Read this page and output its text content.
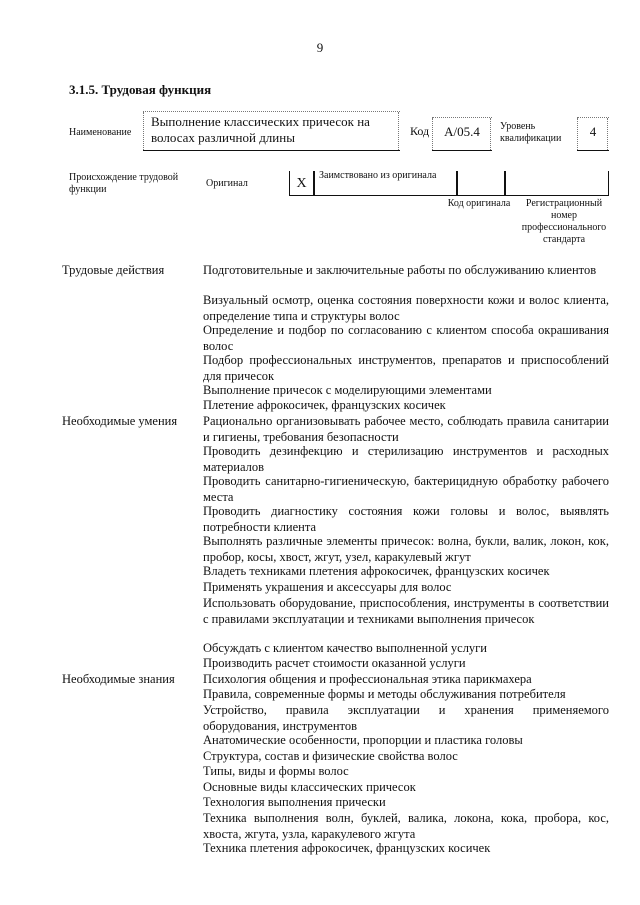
9
3.1.5. Трудовая функция
Наименование
Выполнение классических причесок на волосах различной длины	Код	А/05.4	Уровень квалификации	4
Происхождение трудовой функции
Оригинал	X
Заимствовано из оригинала
Код оригинала	Регистрационный номер профессионального стандарта
Трудовые действия	Подготовительные и заключительные работы по обслуживанию клиентов
Визуальный осмотр, оценка состояния поверхности кожи и волос клиента, определение типа и структуры волос
Определение и подбор по согласованию с клиентом способа окрашивания волос
Подбор профессиональных инструментов, препаратов и приспособлений для причесок
Выполнение причесок с моделирующими элементами
Плетение афрокосичек, французских косичек
Необходимые умения	Рационально организовывать рабочее место, соблюдать правила санитарии и гигиены, требования безопасности
Проводить дезинфекцию и стерилизацию инструментов и расходных материалов
Проводить санитарно-гигиеническую, бактерицидную обработку рабочего места
Проводить диагностику состояния кожи головы и волос, выявлять потребности клиента
Выполнять различные элементы причесок: волна, букли, валик, локон, кок, пробор, косы, хвост, жгут, узел, каракулевый жгут
Владеть техниками плетения афрокосичек, французских косичек
Применять украшения и аксессуары для волос
Использовать оборудование, приспособления, инструменты в соответствии с правилами эксплуатации и техниками выполнения причесок
Обсуждать с клиентом качество выполненной услуги
Производить расчет стоимости оказанной услуги
Необходимые знания	Психология общения и профессиональная этика парикмахера
Правила, современные формы и методы обслуживания потребителя
Устройство, правила эксплуатации и хранения применяемого оборудования, инструментов
Анатомические особенности, пропорции и пластика головы
Структура, состав и физические свойства волос
Типы, виды и формы волос
Основные виды классических причесок
Технология выполнения прически
Техника выполнения волн, буклей, валика, локона, кока, пробора, кос, хвоста, жгута, узла, каракулевого жгута
Техника плетения афрокосичек, французских косичек
